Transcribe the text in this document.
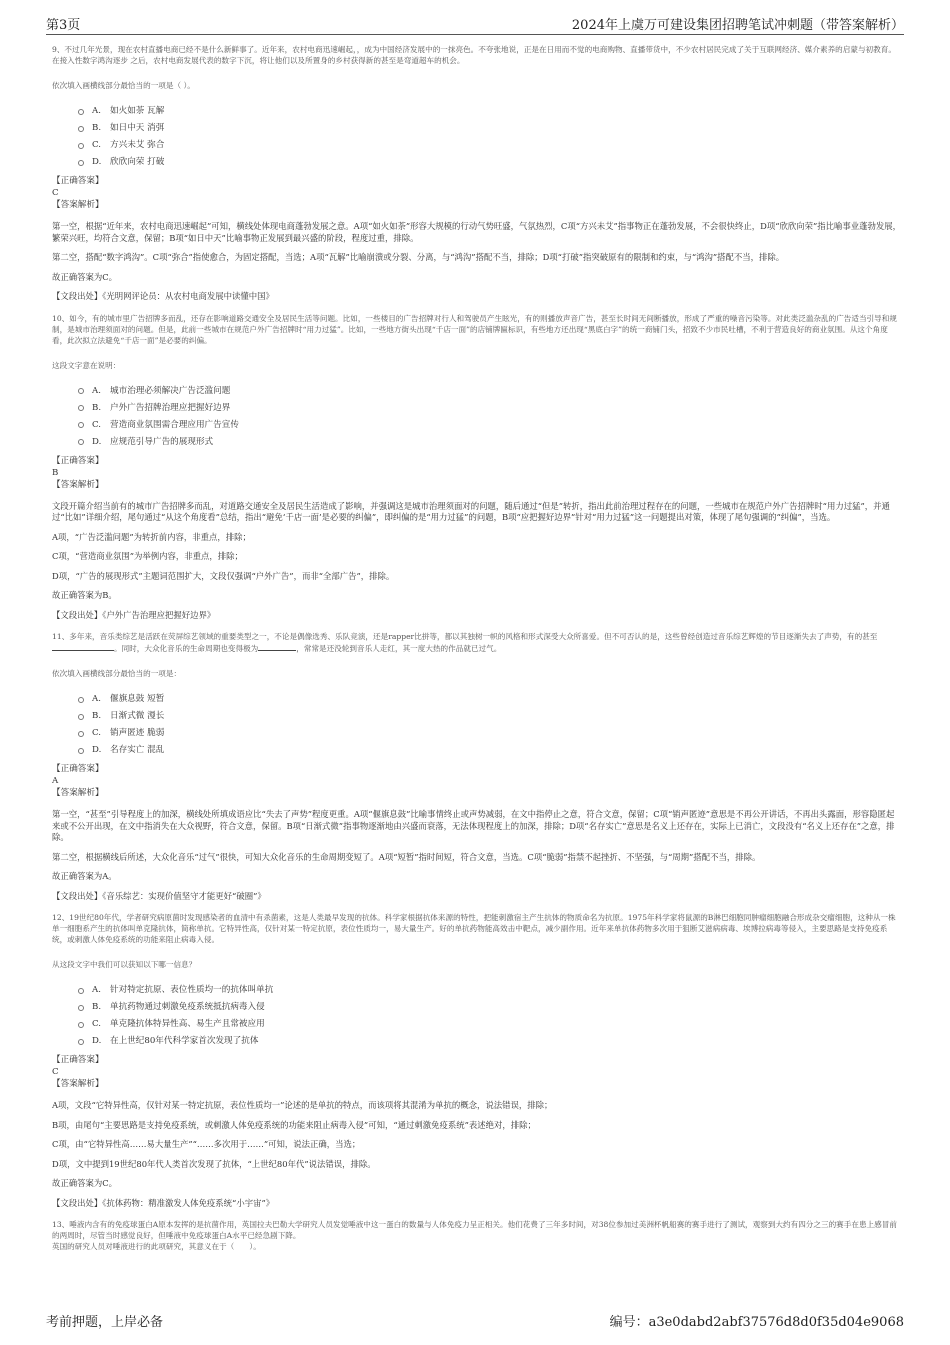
第3页	2024年上虞万可建设集团招聘笔试冲刺题（带答案解析）

9、不过几年光景，现在农村直播电商已经不是什么新鲜事了。近年来，农村电商迅速崛起，，成为中国经济发展中的一抹亮色。不夸张地说，正是在日用而不觉的电商购物、直播带货中，不少农村居民完成了关于互联网经济、媒介素养的启蒙与初教育。在接入性数字鸿沟逐步 之后，农村电商发展代表的数字下沉，将让他们以及所置身的乡村获得新的甚至是弯道超车的机会。

依次填入画横线部分最恰当的一项是（ ）。

A.	如火如荼 瓦解
B.	如日中天 消弭
C.	方兴未艾 弥合
D.	欣欣向荣 打破

【正确答案】

C

【答案解析】

第一空，根据“近年来，农村电商迅速崛起”可知，横线处体现电商蓬勃发展之意。A项“如火如荼”形容大规模的行动气势旺盛，气氛热烈，C项“方兴未艾”指事物正在蓬勃发展，不会很快终止，D项“欣欣向荣”指比喻事业蓬勃发展，繁荣兴旺，均符合文意，保留；B项“如日中天”比喻事物正发展到最兴盛的阶段，程度过重，排除。

第二空，搭配“数字鸿沟”。C项“弥合”指使愈合，为固定搭配，当选；A项“瓦解”比喻崩溃或分裂、分离，与“鸿沟”搭配不当，排除；D项“打破”指突破原有的限制和约束，与“鸿沟”搭配不当，排除。

故正确答案为C。

【文段出处】《光明网评论员：从农村电商发展中读懂中国》

10、如今，有的城市里广告招牌多而乱，还存在影响道路交通安全及居民生活等问题。比如，一些楼目的广告招牌对行人和驾驶员产生眩光，有的则播放声音广告，甚至长时间无间断播放，形成了严重的噪音污染等。对此类泛滥杂乱的广告适当引导和规制，是城市治理须面对的问题。但是，此前一些城市在规范户外广告招牌时“用力过猛”。比如，一些地方街头出现“千店一面”的店铺牌匾标识，有些地方还出现“黑底白字”的统一商铺门头，招致不少市民吐槽，不利于营造良好的商业氛围。从这个角度看，此次拟立法避免“千店一面”是必要的纠偏。

这段文字意在说明：

A.	城市治理必须解决广告泛滥问题
B.	户外广告招牌治理应把握好边界
C.	营造商业氛围需合理应用广告宣传
D.	应规范引导广告的展现形式

【正确答案】

B

【答案解析】

文段开篇介绍当前有的城市广告招牌多而乱，对道路交通安全及居民生活造成了影响，并强调这是城市治理须面对的问题，随后通过“但是”转折，指出此前治理过程存在的问题，一些城市在规范户外广告招牌时“用力过猛”，并通过“比如”详细介绍，尾句通过“从这个角度看”总结，指出“避免‘千店一面’是必要的纠偏”，即纠偏的是“用力过猛”的问题，B项“应把握好边界”针对“用力过猛”这一问题提出对策，体现了尾句强调的“纠偏”，当选。

A项，“广告泛滥问题”为转折前内容，非重点，排除；

C项，“营造商业氛围”为举例内容，非重点，排除；

D项，“广告的展现形式”主题词范围扩大，文段仅强调“户外广告”，而非“全部广告”，排除。

故正确答案为B。

【文段出处】《户外广告治理应把握好边界》

11、多年来，音乐类综艺是活跃在荧屏综艺领域的重要类型之一，不论是偶像选秀、乐队竞演，还是rapper比拼等，都以其独树一帜的风格和形式深受大众所喜爱。但不可否认的是，这些曾经创造过音乐综艺辉煌的节目逐渐失去了声势，有的甚至。同时，大众化音乐的生命周期也变得极为	，常常是还没轮到音乐人走红，其一度大热的作品就已过气。

依次填入画横线部分最恰当的一项是：

A.	偃旗息鼓 短暂
B.	日渐式微 漫长
C.	销声匿迹 脆弱
D.	名存实亡 混乱

【正确答案】

A

【答案解析】

第一空，“甚至”引导程度上的加深，横线处所填成语应比“失去了声势”程度更重。A项“偃旗息鼓”比喻事情终止或声势减弱，在文中指停止之意，符合文意，保留；C项“销声匿迹”意思是不再公开讲话，不再出头露面，形容隐匿起来或不公开出现，在文中指消失在大众视野，符合文意，保留。B项“日渐式微”指事物逐渐地由兴盛而衰落，无法体现程度上的加深，排除；D项“名存实亡”意思是名义上还存在，实际上已消亡，文段没有“名义上还存在”之意，排除。

第二空，根据横线后所述，大众化音乐“过气”很快，可知大众化音乐的生命周期变短了。A项“短暂”指时间短，符合文意，当选。C项“脆弱”指禁不起挫折、不坚强，与“周期”搭配不当，排除。

故正确答案为A。

【文段出处】《音乐综艺：实现价值坚守才能更好“破圈”》

12、19世纪80年代，学者研究病原菌时发现感染者的血清中有杀菌素，这是人类最早发现的抗体。科学家根据抗体来源的特性，把能刺激宿主产生抗体的物质命名为抗原。1975年科学家将鼠源的B淋巴细胞同肿瘤细胞融合形成杂交瘤细胞，这种从一株单一细胞系产生的抗体叫单克隆抗体，简称单抗。它特异性高，仅针对某一特定抗原，表位性质均一，易大量生产。好的单抗药物能高效击中靶点，减少副作用。近年来单抗体药物多次用于狙断艾滋病病毒、埃博拉病毒等侵入，主要思路是支持免疫系统，或刺激人体免疫系统的功能来阻止病毒入侵。

从这段文字中我们可以获知以下哪一信息？

A.	针对特定抗原、表位性质均一的抗体叫单抗
B.	单抗药物通过刺激免疫系统抵抗病毒入侵
C.	单克隆抗体特异性高、易生产且常被应用
D.	在上世纪80年代科学家首次发现了抗体

【正确答案】

C

【答案解析】

A项，文段“它特异性高，仅针对某一特定抗原，表位性质均一”论述的是单抗的特点，而该项将其混淆为单抗的概念，说法错误，排除；

B项，由尾句“主要思路是支持免疫系统，或刺激人体免疫系统的功能来阻止病毒入侵”可知，“通过刺激免疫系统”表述绝对，排除；

C项，由“它特异性高……易大量生产”“……多次用于……”可知，说法正确，当选；

D项，文中提到19世纪80年代人类首次发现了抗体，“上世纪80年代”说法错误，排除。

故正确答案为C。

【文段出处】《抗体药物：精准激发人体免疫系统“小宇宙”》

13、唾液内含有的免疫球蛋白A原本发挥的是抗菌作用，英国拉夫巴勒大学研究人员发觉唾液中这一蛋白的数量与人体免疫力呈正相关。他们花费了三年多时间，对38位参加过美洲杯帆船赛的赛手进行了测试，观察到大约有四分之三的赛手在患上感冒前的两周时，尽管当时感觉良好，但唾液中免疫球蛋白A水平已经急剧下降。

英国的研究人员对唾液进行的此项研究，其意义在于（　　）。

考前押题，上岸必备	编号：a3e0dabd2abf37576d8d0f35d04e9068
